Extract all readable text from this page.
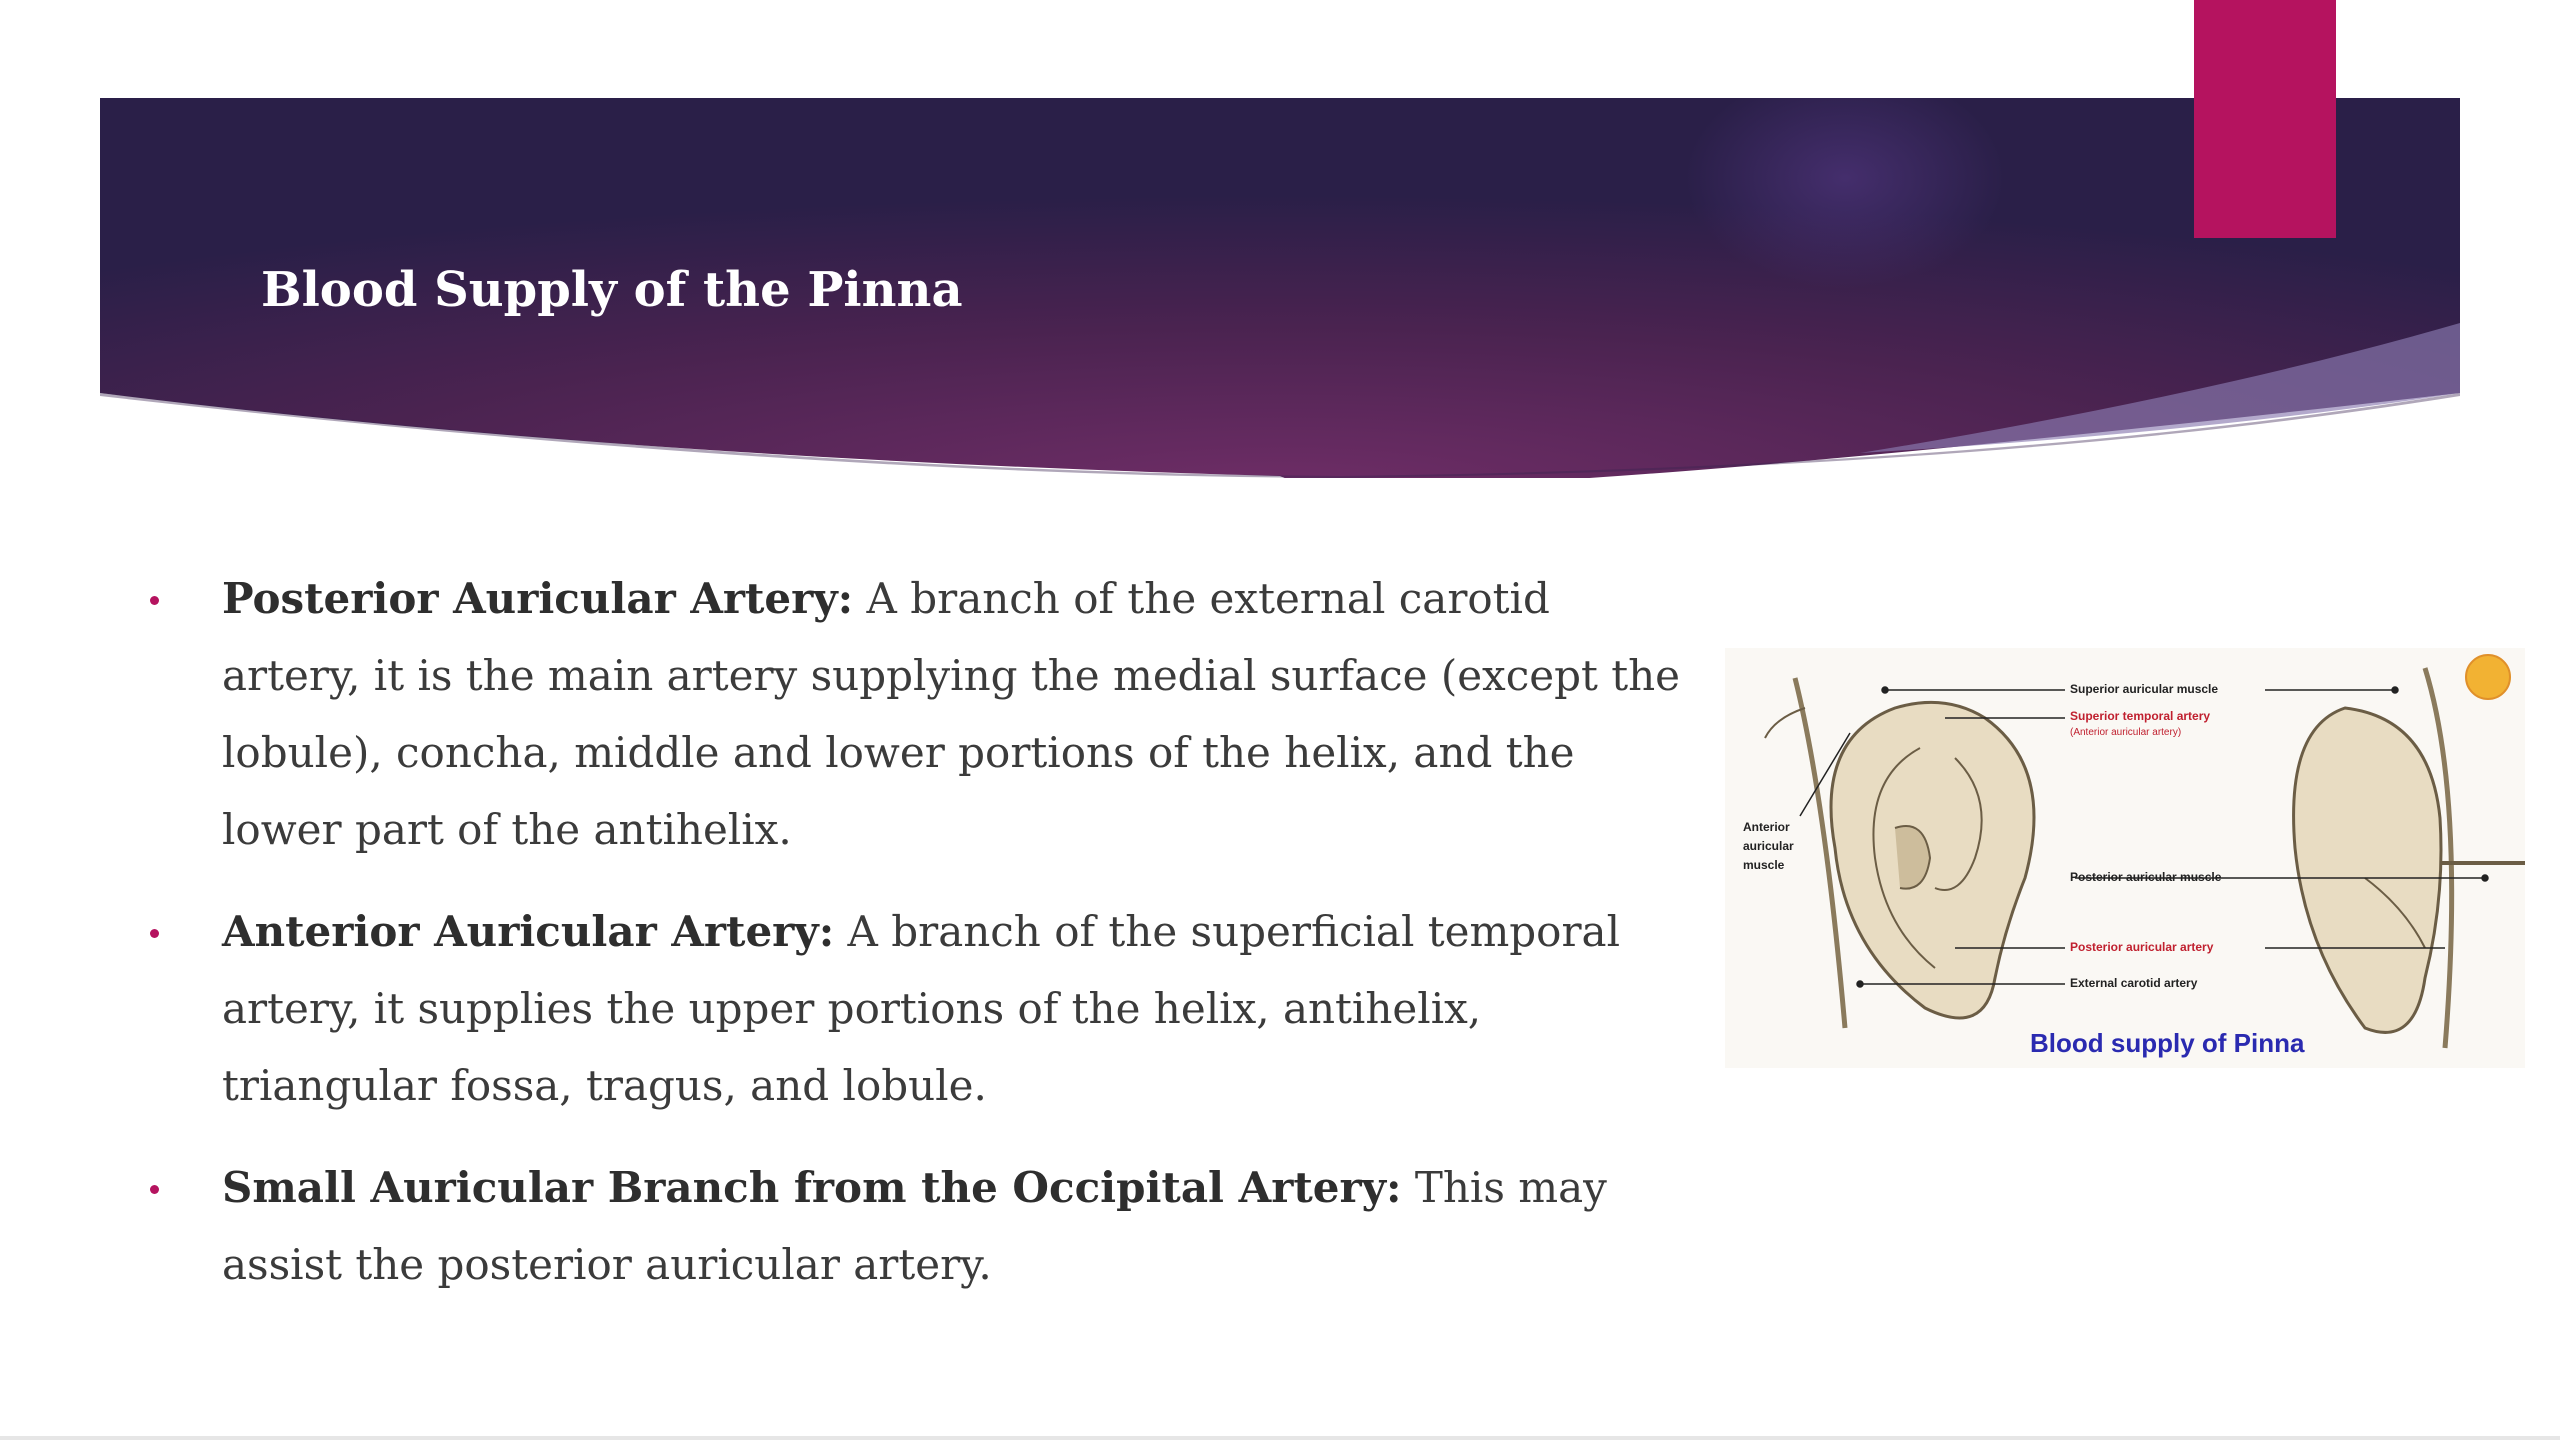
Blood Supply of the Pinna
Posterior Auricular Artery: A branch of the external carotid artery, it is the main artery supplying the medial surface (except the lobule), concha, middle and lower portions of the helix, and the lower part of the antihelix.
Anterior Auricular Artery: A branch of the superficial temporal artery, it supplies the upper portions of the helix, antihelix, triangular fossa, tragus, and lobule.
Small Auricular Branch from the Occipital Artery: This may assist the posterior auricular artery.
Superior auricular muscle
Superior temporal artery
(Anterior auricular artery)
Posterior auricular muscle
Posterior auricular artery
External carotid artery
Anterior auricular muscle
Blood supply of Pinna
